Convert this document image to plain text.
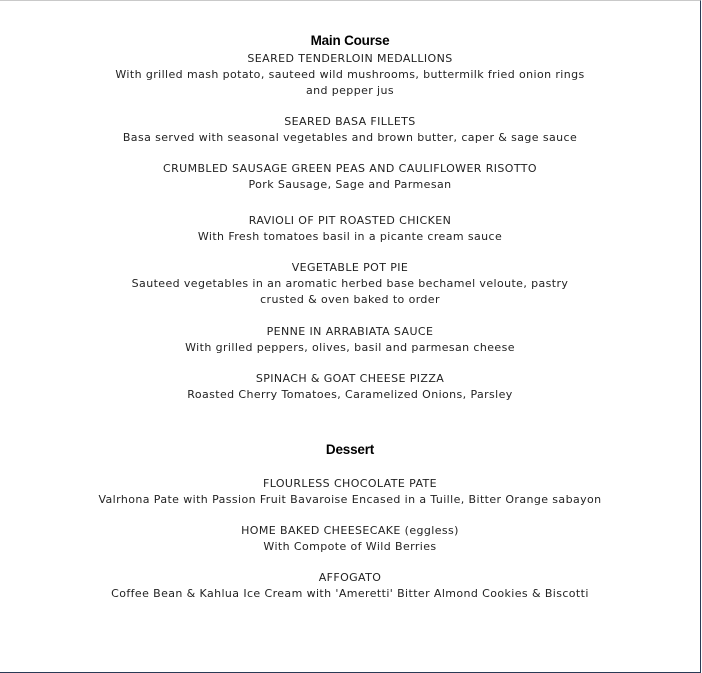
Main Course
SEARED TENDERLOIN MEDALLIONS
With grilled mash potato, sauteed wild mushrooms, buttermilk fried onion rings and pepper jus
SEARED BASA FILLETS
Basa served with seasonal vegetables and brown butter, caper & sage sauce
CRUMBLED SAUSAGE GREEN PEAS AND CAULIFLOWER RISOTTO
Pork Sausage, Sage and Parmesan
RAVIOLI OF PIT ROASTED CHICKEN
With Fresh tomatoes basil in a picante cream sauce
VEGETABLE POT PIE
Sauteed vegetables in an aromatic herbed base bechamel veloute, pastry crusted & oven baked to order
PENNE IN ARRABIATA SAUCE
With grilled peppers, olives, basil and parmesan cheese
SPINACH & GOAT CHEESE PIZZA
Roasted Cherry Tomatoes, Caramelized Onions, Parsley
Dessert
FLOURLESS CHOCOLATE PATE
Valrhona Pate with Passion Fruit Bavaroise Encased in a Tuille, Bitter Orange sabayon
HOME BAKED CHEESECAKE (eggless)
With Compote of Wild Berries
AFFOGATO
Coffee Bean & Kahlua Ice Cream with 'Ameretti' Bitter Almond Cookies & Biscotti
